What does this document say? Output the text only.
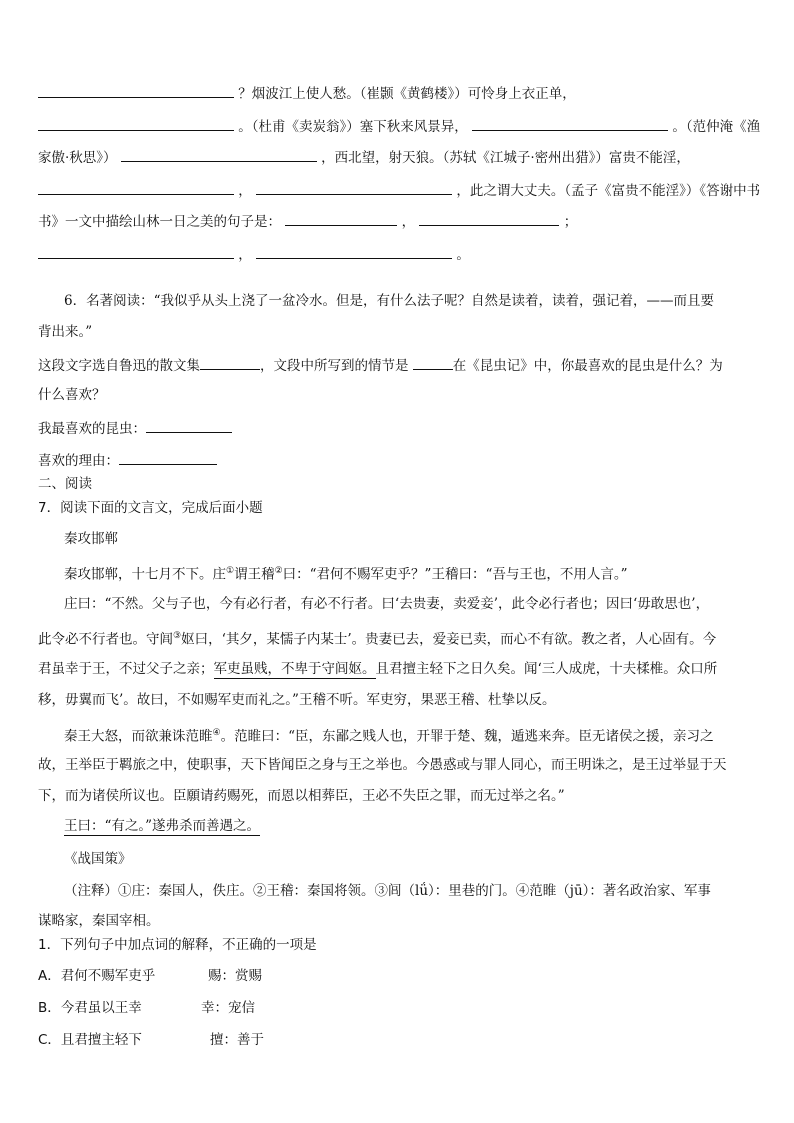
？烟波江上使人愁。（崔颢《黄鹤楼》）可怜身上衣正单，
。（杜甫《卖炭翁》）塞下秋来风景异，	。（范仲淹《渔
家傲·秋思》）	，西北望，射天狼。（苏轼《江城子·密州出猎》）富贵不能淫，
，	，此之谓大丈夫。（孟子《富贵不能淫》）《答谢中书
书》一文中描绘山林一日之美的句子是：	，	；
，	。
6．名著阅读：“我似乎从头上浇了一盆冷水。但是，有什么法子呢？自然是读着，读着，强记着，——而且要
背出来。”
这段文字选自鲁迅的散文集	，文段中所写到的情节是	在《昆虫记》中，你最喜欢的昆虫是什么？为
什么喜欢？
我最喜欢的昆虫：
喜欢的理由：
二、阅读
7．阅读下面的文言文，完成后面小题
秦攻邯郸
秦攻邯郸，十七月不下。庄①谓王稽②曰：“君何不赐军吏乎？”王稽曰：“吾与王也，不用人言。”
庄曰：“不然。父与子也，今有必行者，有必不行者。曰‘去贵妻，卖爱妾’，此令必行者也；因曰‘毋敢思也’，
此令必不行者也。守闾③妪曰，‘其夕，某懦子内某士’。贵妻已去，爱妾已卖，而心不有欲。教之者，人心固有。今
君虽幸于王，不过父子之亲；军吏虽贱，不卑于守闾妪。且君擅主轻下之日久矣。闻‘三人成虎，十夫楺椎。众口所
移，毋翼而飞’。故曰，不如赐军吏而礼之。”王稽不听。军吏穷，果恶王稽、杜挚以反。
秦王大怒，而欲兼诛范睢④。范睢曰：“臣，东鄙之贱人也，开罪于楚、魏，遁逃来奔。臣无诸侯之援，亲习之
故，王举臣于羁旅之中，使职事，天下皆闻臣之身与王之举也。今愚惑或与罪人同心，而王明诛之，是王过举显于天
下，而为诸侯所议也。臣願请药赐死，而恩以相葬臣，王必不失臣之罪，而无过举之名。”
王曰：“有之。”遂弗杀而善遇之。
《战国策》
（注释）①庄：秦国人，佚庄。②王稽：秦国将领。③闾（lǘ）：里巷的门。④范睢（jū）：著名政治家、军事
谋略家，秦国宰相。
1．下列句子中加点词的解释，不正确的一项是
A．君何不赐军吏乎	赐：赏赐
B．今君虽以王幸	幸：宠信
C．且君擅主轻下	擅：善于
